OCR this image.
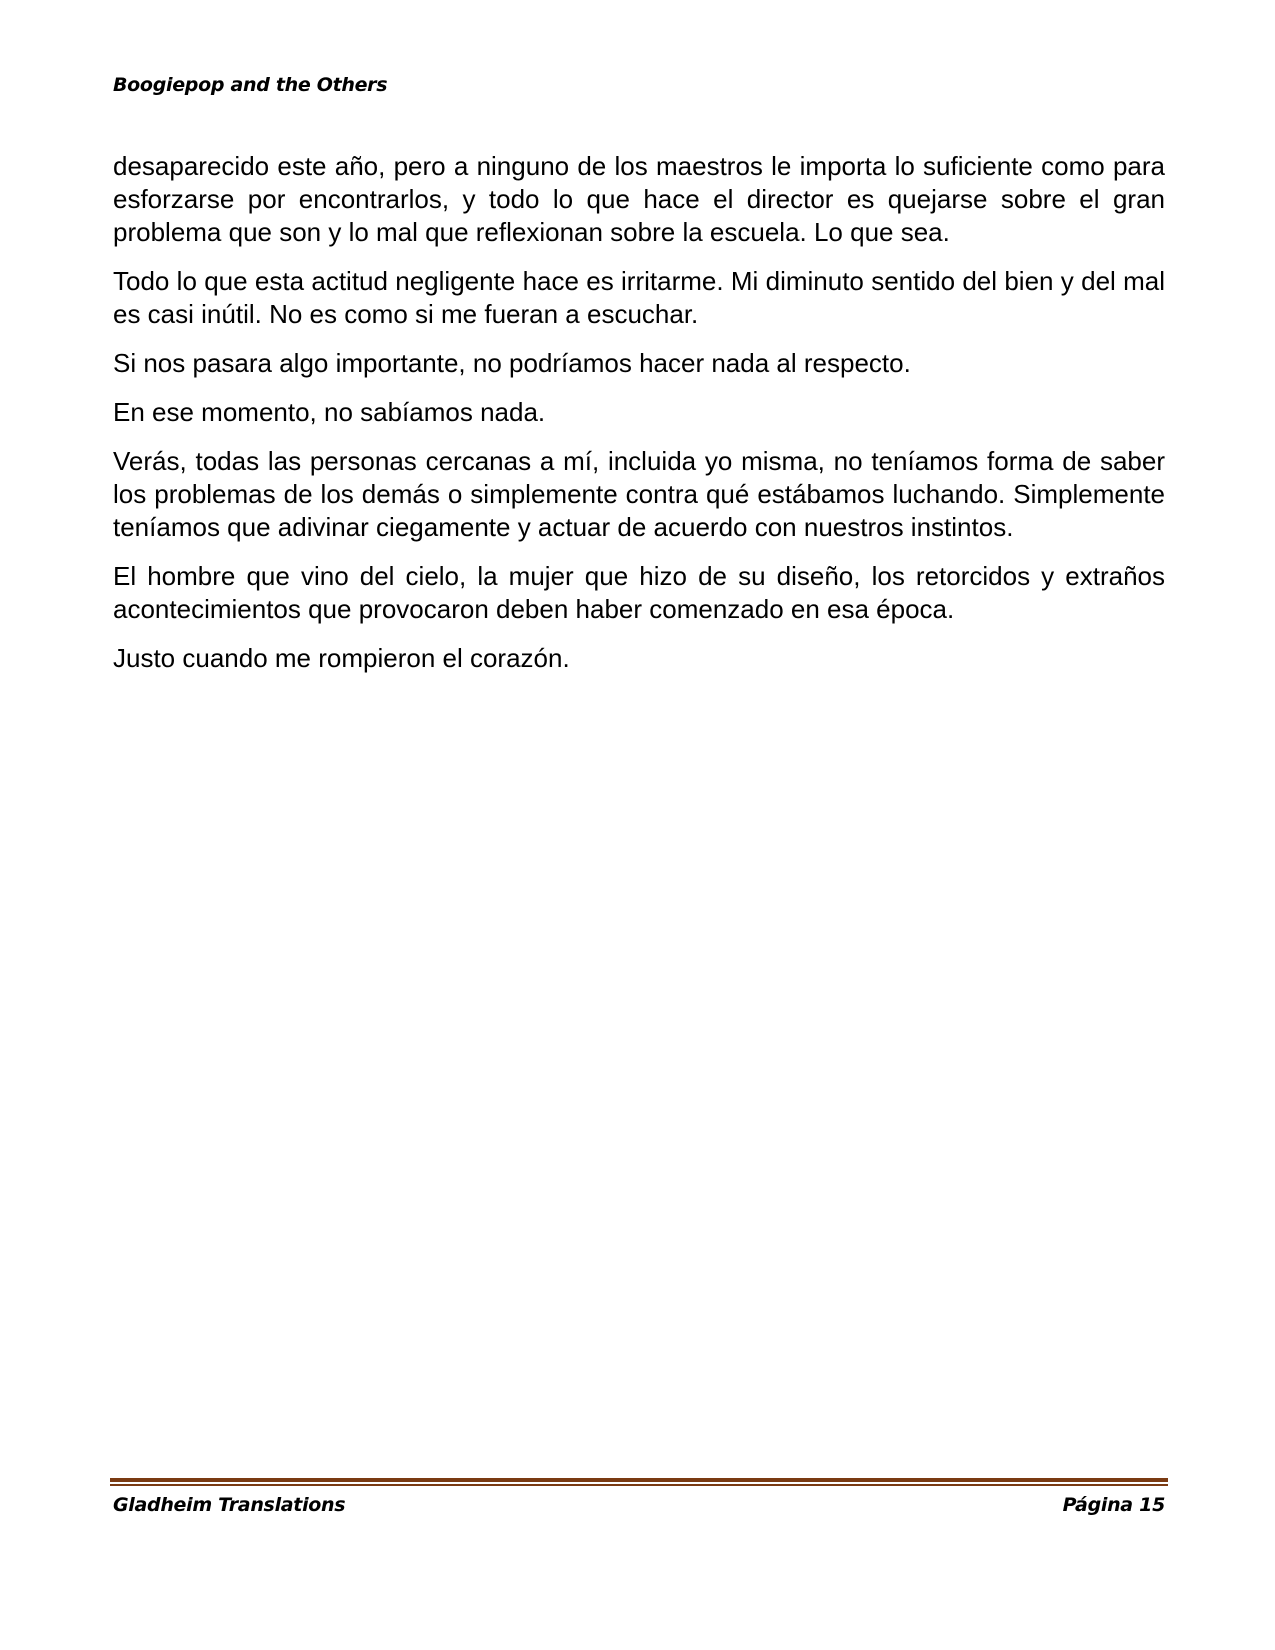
Boogiepop and the Others

desaparecido este año, pero a ninguno de los maestros le importa lo suficiente como para esforzarse por encontrarlos, y todo lo que hace el director es quejarse sobre el gran problema que son y lo mal que reflexionan sobre la escuela. Lo que sea.

Todo lo que esta actitud negligente hace es irritarme. Mi diminuto sentido del bien y del mal es casi inútil. No es como si me fueran a escuchar.

Si nos pasara algo importante, no podríamos hacer nada al respecto.

En ese momento, no sabíamos nada.

Verás, todas las personas cercanas a mí, incluida yo misma, no teníamos forma de saber los problemas de los demás o simplemente contra qué estábamos luchando. Simplemente teníamos que adivinar ciegamente y actuar de acuerdo con nuestros instintos.

El hombre que vino del cielo, la mujer que hizo de su diseño, los retorcidos y extraños acontecimientos que provocaron deben haber comenzado en esa época.

Justo cuando me rompieron el corazón.

Gladheim Translations	Página 15
